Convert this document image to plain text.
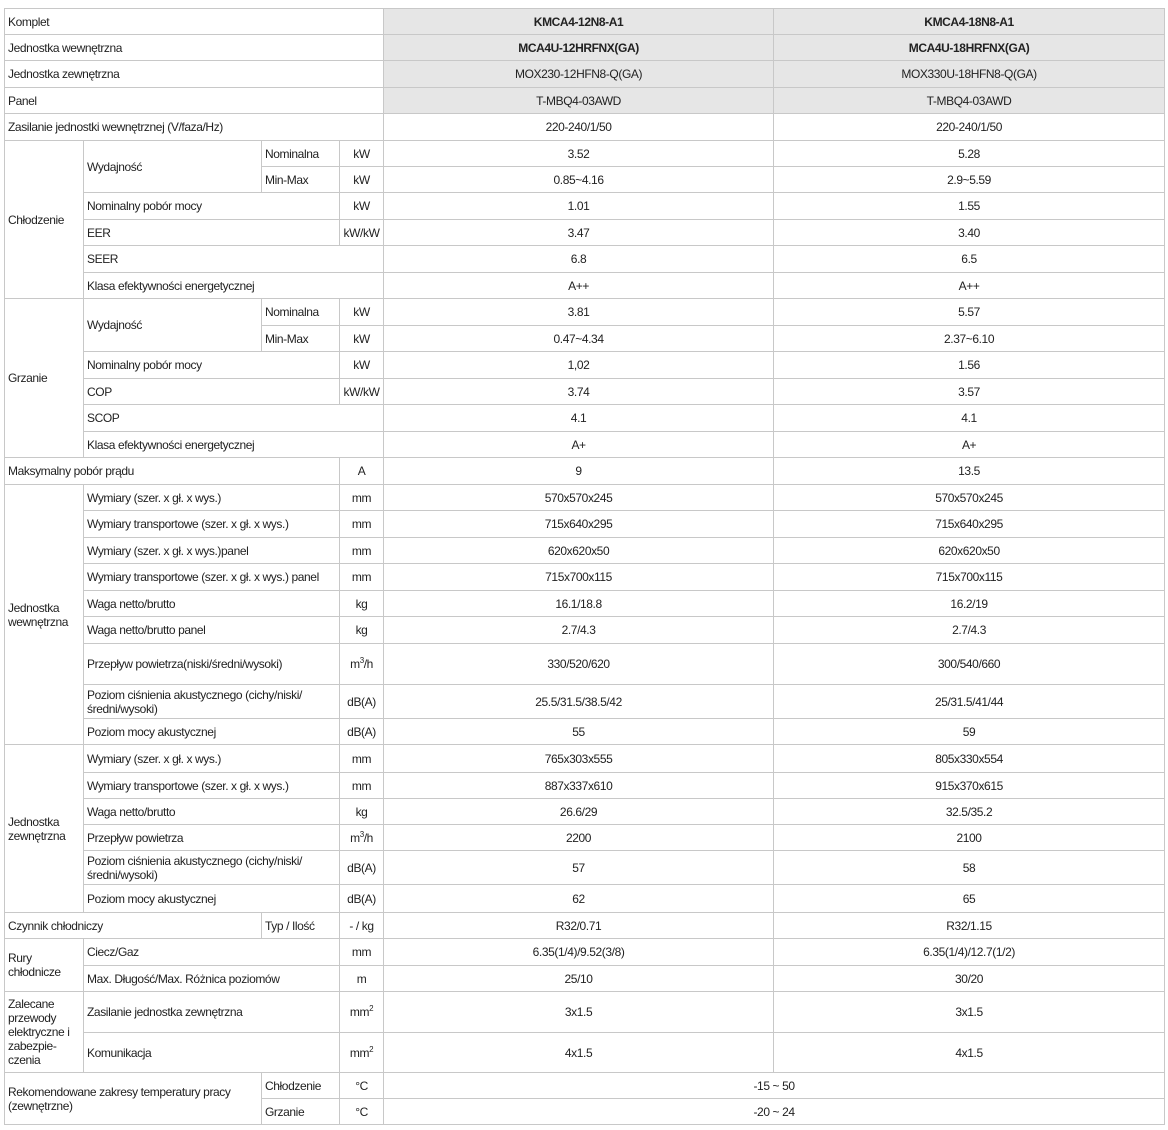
Komplet				KMCA4-12N8-A1	KMCA4-18N8-A1
Jednostka wewnętrzna				MCA4U-12HRFNX(GA)	MCA4U-18HRFNX(GA)
Jednostka zewnętrzna				MOX230-12HFN8-Q(GA)	MOX330U-18HFN8-Q(GA)
Panel				T-MBQ4-03AWD	T-MBQ4-03AWD
Zasilanie jednostki wewnętrznej (V/faza/Hz)				220-240/1/50	220-240/1/50
Chłodzenie	Wydajność	Nominalna	kW	3.52	5.28
		Min-Max	kW	0.85~4.16	2.9~5.59
	Nominalny pobór mocy		kW	1.01	1.55
	EER		kW/kW	3.47	3.40
	SEER			6.8	6.5
	Klasa efektywności energetycznej			A++	A++
Grzanie	Wydajność	Nominalna	kW	3.81	5.57
		Min-Max	kW	0.47~4.34	2.37~6.10
	Nominalny pobór mocy		kW	1,02	1.56
	COP		kW/kW	3.74	3.57
	SCOP			4.1	4.1
	Klasa efektywności energetycznej			A+	A+
Maksymalny pobór prądu			A	9	13.5
Jednostka wewnętrzna	Wymiary (szer. x gł. x wys.)		mm	570x570x245	570x570x245
	Wymiary transportowe (szer. x gł. x wys.)		mm	715x640x295	715x640x295
	Wymiary (szer. x gł. x wys.)panel		mm	620x620x50	620x620x50
	Wymiary transportowe (szer. x gł. x wys.) panel		mm	715x700x115	715x700x115
	Waga netto/brutto		kg	16.1/18.8	16.2/19
	Waga netto/brutto panel		kg	2.7/4.3	2.7/4.3
	Przepływ powietrza(niski/średni/wysoki)		$m^3/h$	330/520/620	300/540/660
	Poziom ciśnienia akustycznego (cichy/niski/ średni/wysoki)		dB(A)	25.5/31.5/38.5/42	25/31.5/41/44
	Poziom mocy akustycznej		dB(A)	55	59
Jednostka zewnętrzna	Wymiary (szer. x gł. x wys.)		mm	765x303x555	805x330x554
	Wymiary transportowe (szer. x gł. x wys.)		mm	887x337x610	915x370x615
	Waga netto/brutto		kg	26.6/29	32.5/35.2
	Przepływ powietrza		$m^3/h$	2200	2100
	Poziom ciśnienia akustycznego (cichy/niski/ średni/wysoki)		dB(A)	57	58
	Poziom mocy akustycznej		dB(A)	62	65
Czynnik chłodniczy		Typ / Ilość	- / kg	R32/0.71	R32/1.15
Rury chłodnicze	Ciecz/Gaz		mm	6.35(1/4)/9.52(3/8)	6.35(1/4)/12.7(1/2)
	Max. Długość/Max. Różnica poziomów		m	25/10	30/20
Zalecane przewody elektryczne i zabezpie-czenia	Zasilanie jednostka zewnętrzna		$mm^2$	3x1.5	3x1.5
	Komunikacja		$mm^2$	4x1.5	4x1.5
Rekomendowane zakresy temperatury pracy (zewnętrzne)		Chłodzenie	°C	-15 ~ 50	
		Grzanie	°C	-20 ~ 24	
